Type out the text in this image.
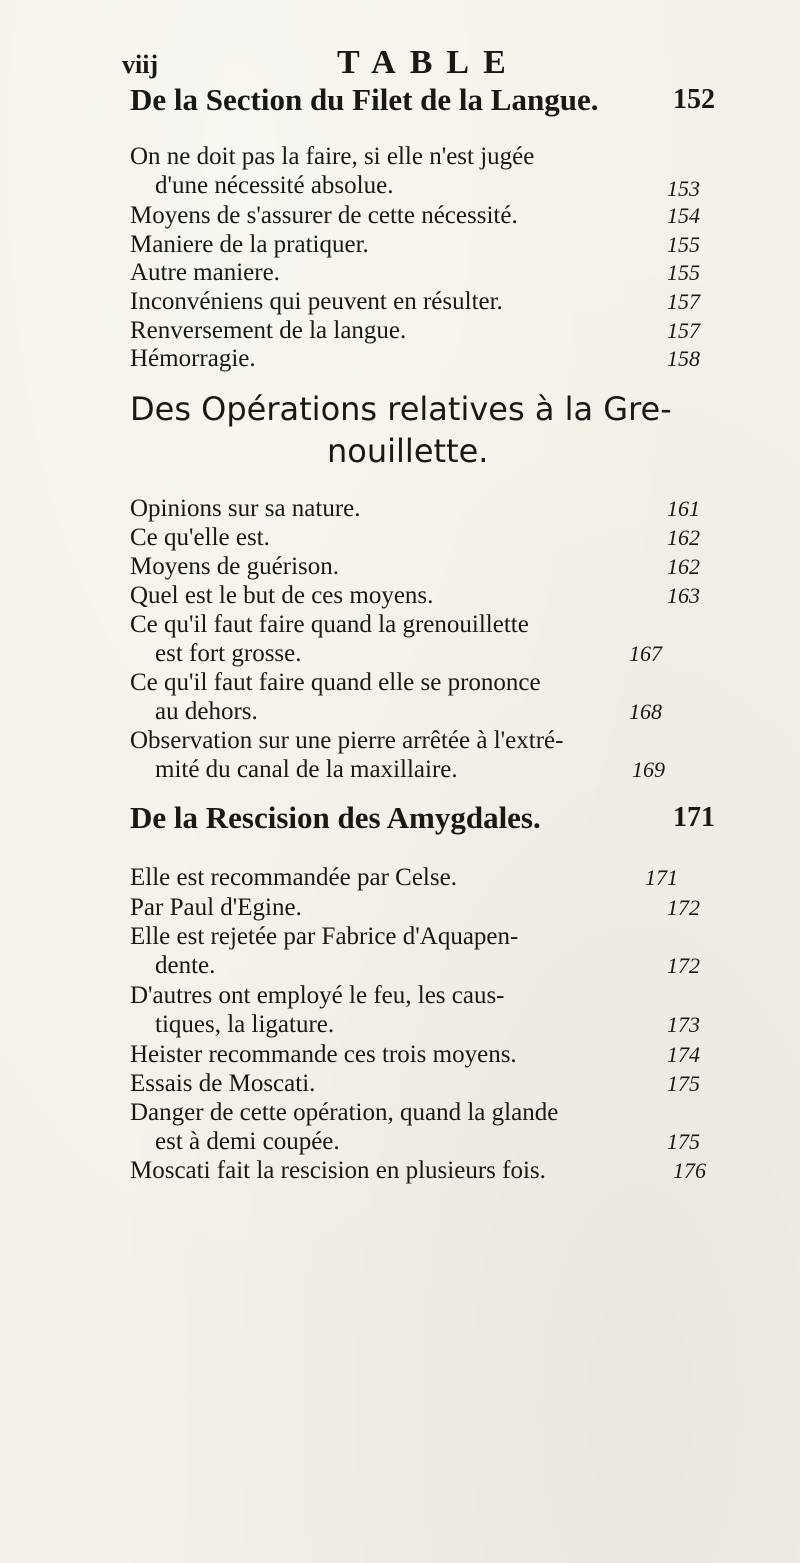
viij	TABLE
De la Section du Filet de la Langue.	152
On ne doit pas la faire, si elle n'est jugée
d'une nécessité absolue.	153
Moyens de s'assurer de cette nécessité.	154
Maniere de la pratiquer.	155
Autre maniere.	155
Inconvéniens qui peuvent en résulter.	157
Renversement de la langue.	157
Hémorragie.	158
Des Opérations relatives à la Gre-
nouillette.
Opinions sur sa nature.	161
Ce qu'elle est.	162
Moyens de guérison.	162
Quel est le but de ces moyens.	163
Ce qu'il faut faire quand la grenouillette
est fort grosse.	167
Ce qu'il faut faire quand elle se prononce
au dehors.	168
Observation sur une pierre arrêtée à l'extré-
mité du canal de la maxillaire.	169
De la Rescision des Amygdales.	171
Elle est recommandée par Celse.	171
Par Paul d'Egine.	172
Elle est rejetée par Fabrice d'Aquapen-
dente.	172
D'autres ont employé le feu, les caus-
tiques, la ligature.	173
Heister recommande ces trois moyens.	174
Essais de Moscati.	175
Danger de cette opération, quand la glande
est à demi coupée.	175
Moscati fait la rescision en plusieurs fois.	176
